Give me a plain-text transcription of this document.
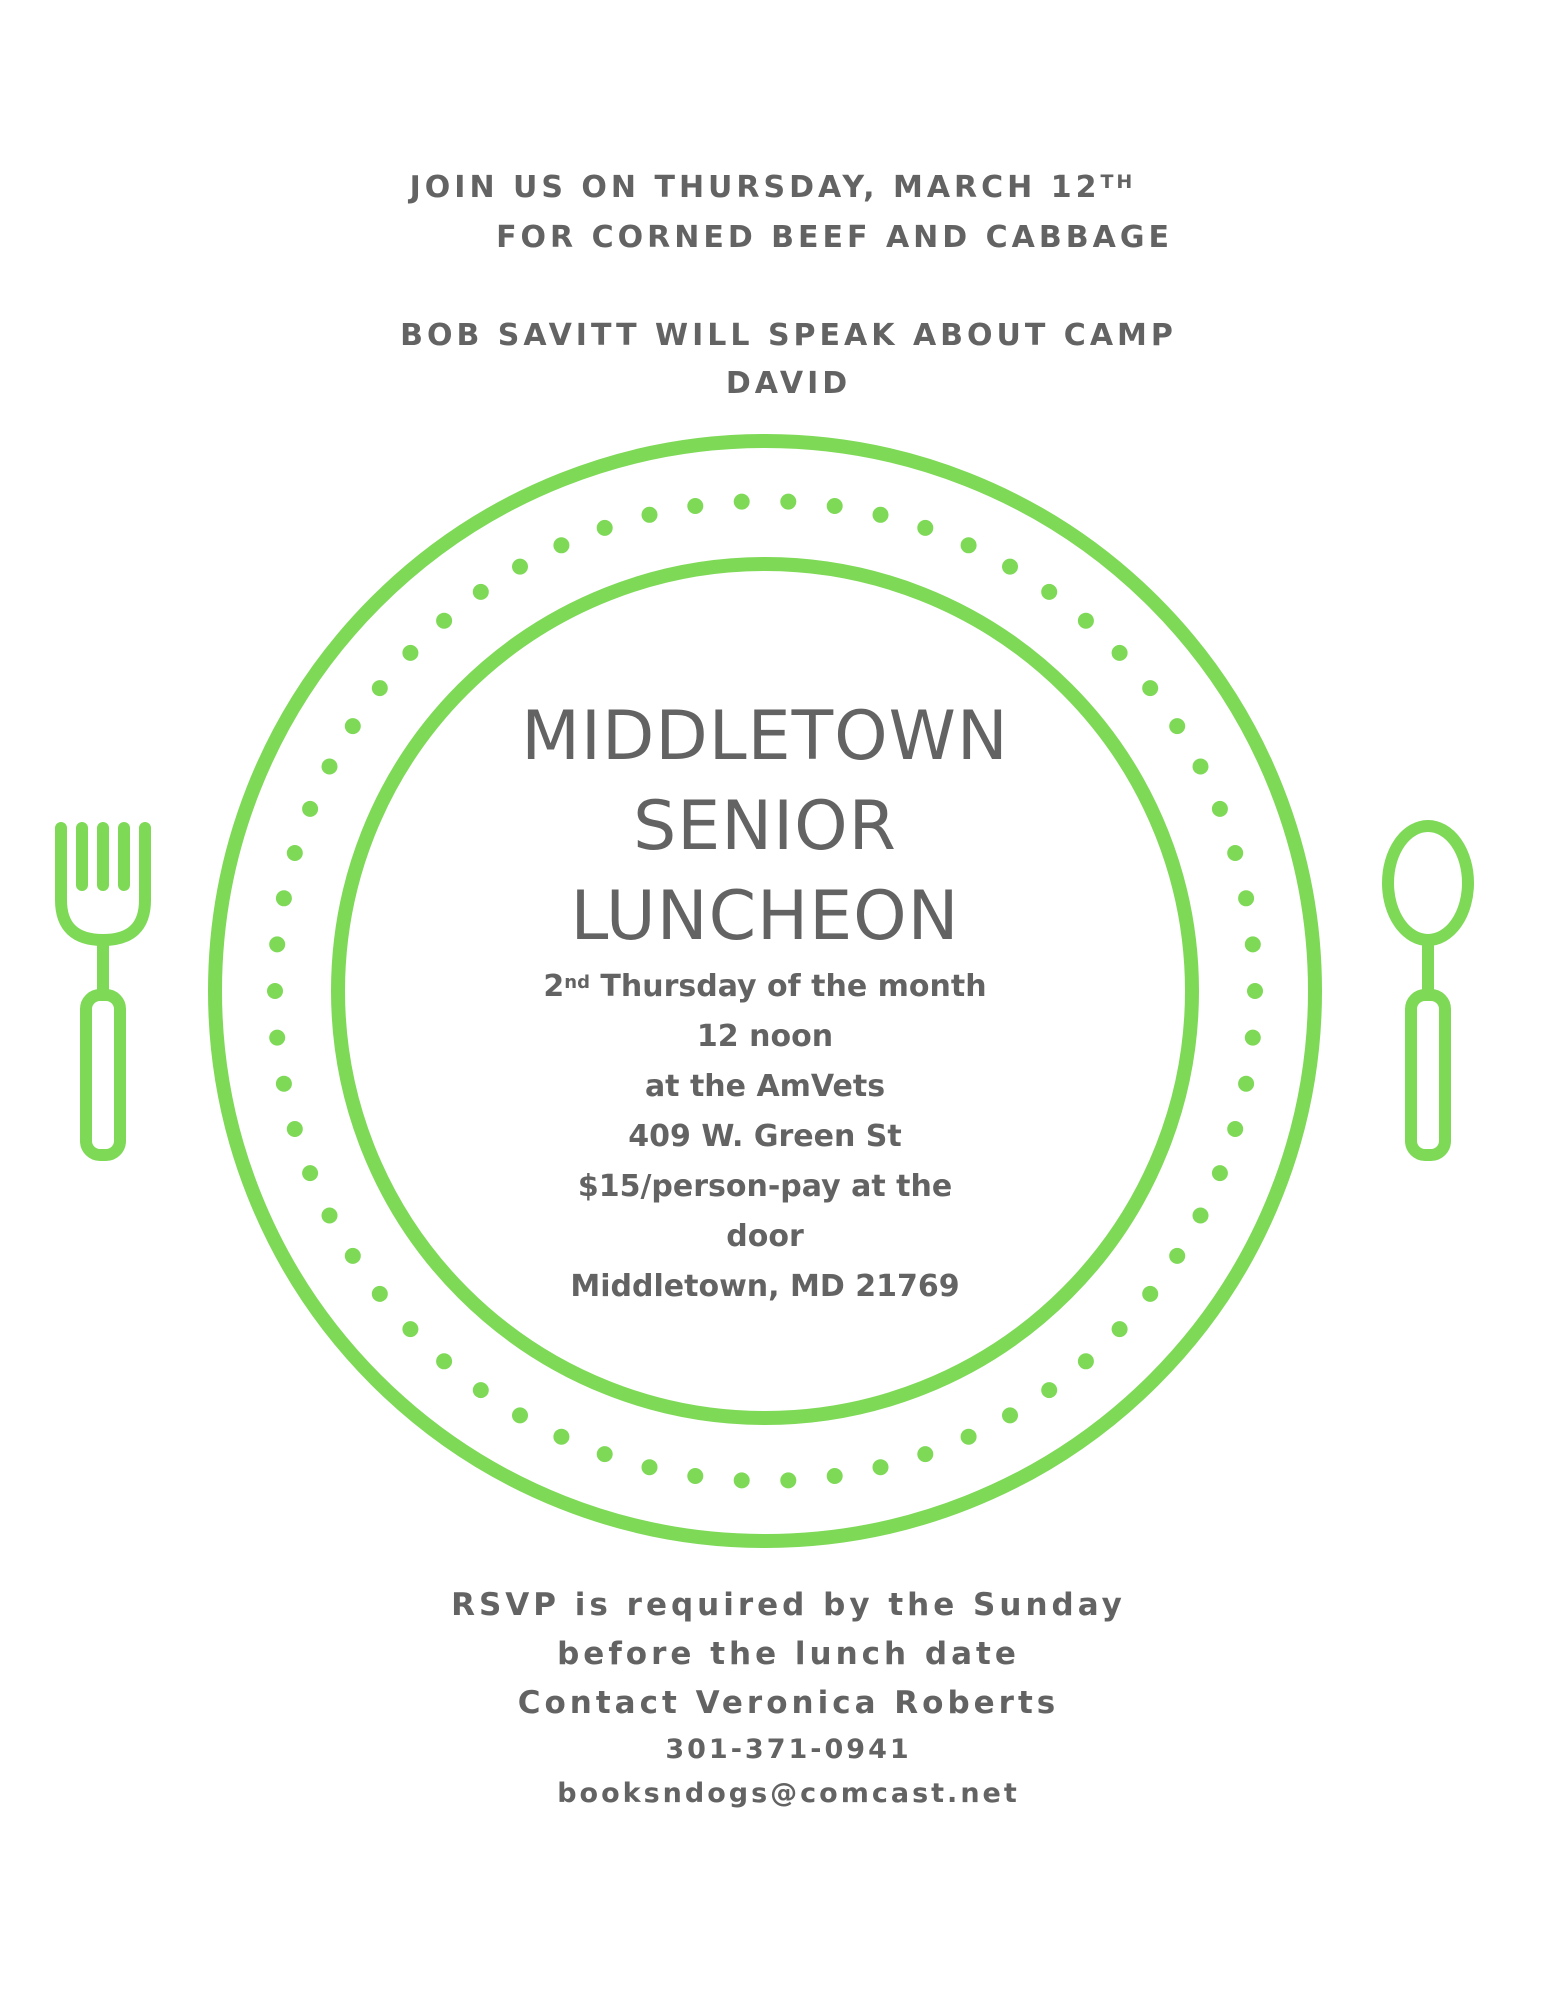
JOIN US ON THURSDAY, MARCH 12TH
FOR CORNED BEEF AND CABBAGE
BOB SAVITT WILL SPEAK ABOUT CAMP
DAVID
MIDDLETOWN
SENIOR
LUNCHEON
2nd Thursday of the month
12 noon
at the AmVets
409 W. Green St
$15/person-pay at the
door
Middletown, MD 21769
RSVP is required by the Sunday
before the lunch date
Contact Veronica Roberts
301-371-0941
booksndogs@comcast.net
